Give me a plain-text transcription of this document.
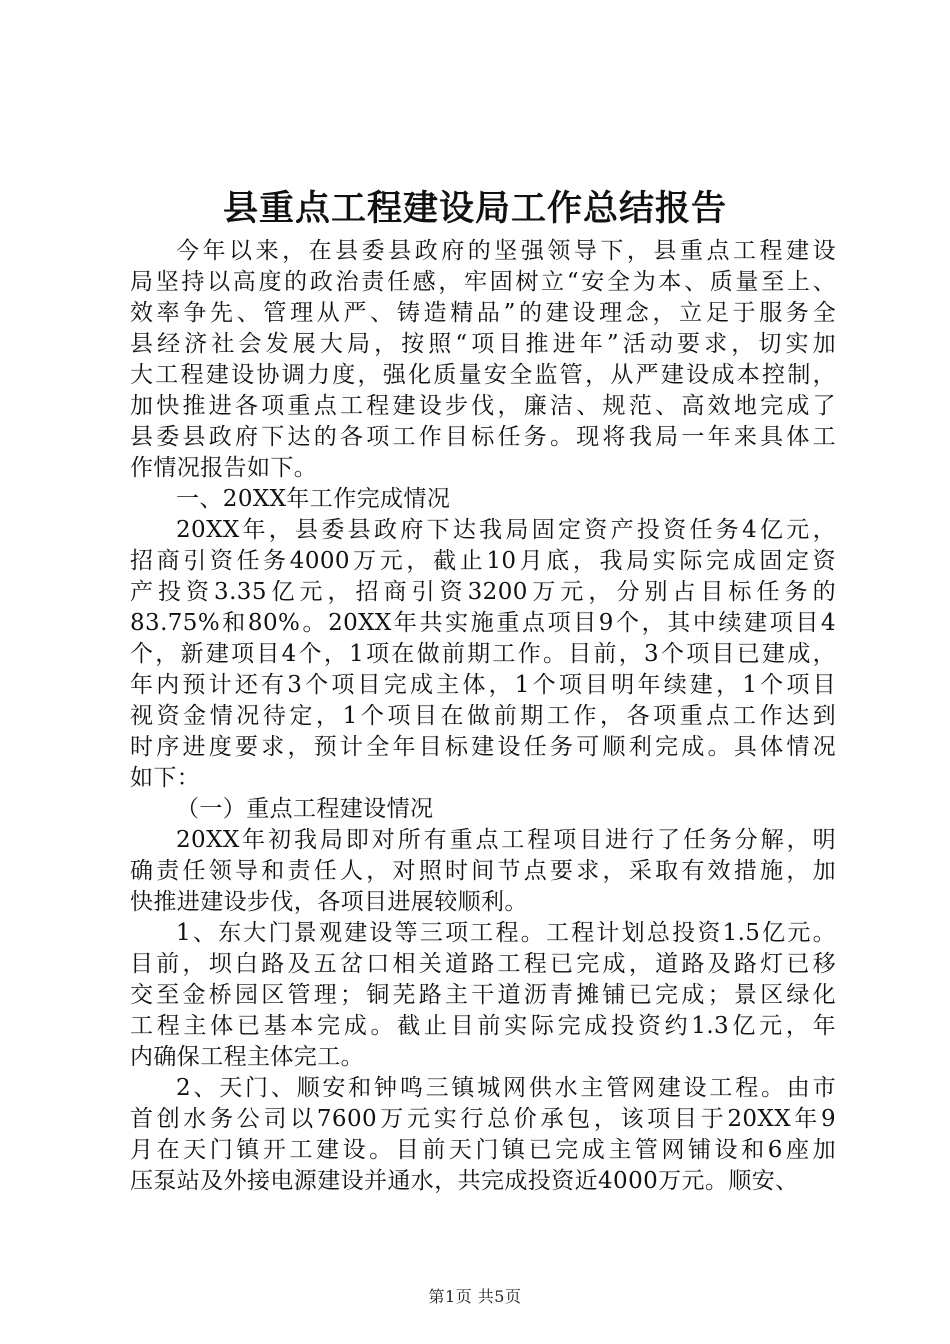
县重点工程建设局工作总结报告

今年以来，在县委县政府的坚强领导下，县重点工程建设
局坚持以高度的政治责任感，牢固树立“安全为本、质量至上、
效率争先、管理从严、铸造精品”的建设理念，立足于服务全
县经济社会发展大局，按照“项目推进年”活动要求，切实加
大工程建设协调力度，强化质量安全监管，从严建设成本控制，
加快推进各项重点工程建设步伐，廉洁、规范、高效地完成了
县委县政府下达的各项工作目标任务。现将我局一年来具体工
作情况报告如下。

一、20XX年工作完成情况

20XX年，县委县政府下达我局固定资产投资任务4亿元，
招商引资任务4000万元，截止10月底，我局实际完成固定资
产投资3.35亿元，招商引资3200万元，分别占目标任务的
83.75%和80%。20XX年共实施重点项目9个，其中续建项目4
个，新建项目4个，1项在做前期工作。目前，3个项目已建成，
年内预计还有3个项目完成主体，1个项目明年续建，1个项目
视资金情况待定，1个项目在做前期工作，各项重点工作达到
时序进度要求，预计全年目标建设任务可顺利完成。具体情况
如下：

（一）重点工程建设情况

20XX年初我局即对所有重点工程项目进行了任务分解，明
确责任领导和责任人，对照时间节点要求，采取有效措施，加
快推进建设步伐，各项目进展较顺利。

1、东大门景观建设等三项工程。工程计划总投资1.5亿元。
目前，坝白路及五岔口相关道路工程已完成，道路及路灯已移
交至金桥园区管理；铜芜路主干道沥青摊铺已完成；景区绿化
工程主体已基本完成。截止目前实际完成投资约1.3亿元，年
内确保工程主体完工。

2、天门、顺安和钟鸣三镇城网供水主管网建设工程。由市
首创水务公司以7600万元实行总价承包，该项目于20XX年9
月在天门镇开工建设。目前天门镇已完成主管网铺设和6座加
压泵站及外接电源建设并通水，共完成投资近4000万元。顺安、

第1页 共5页
